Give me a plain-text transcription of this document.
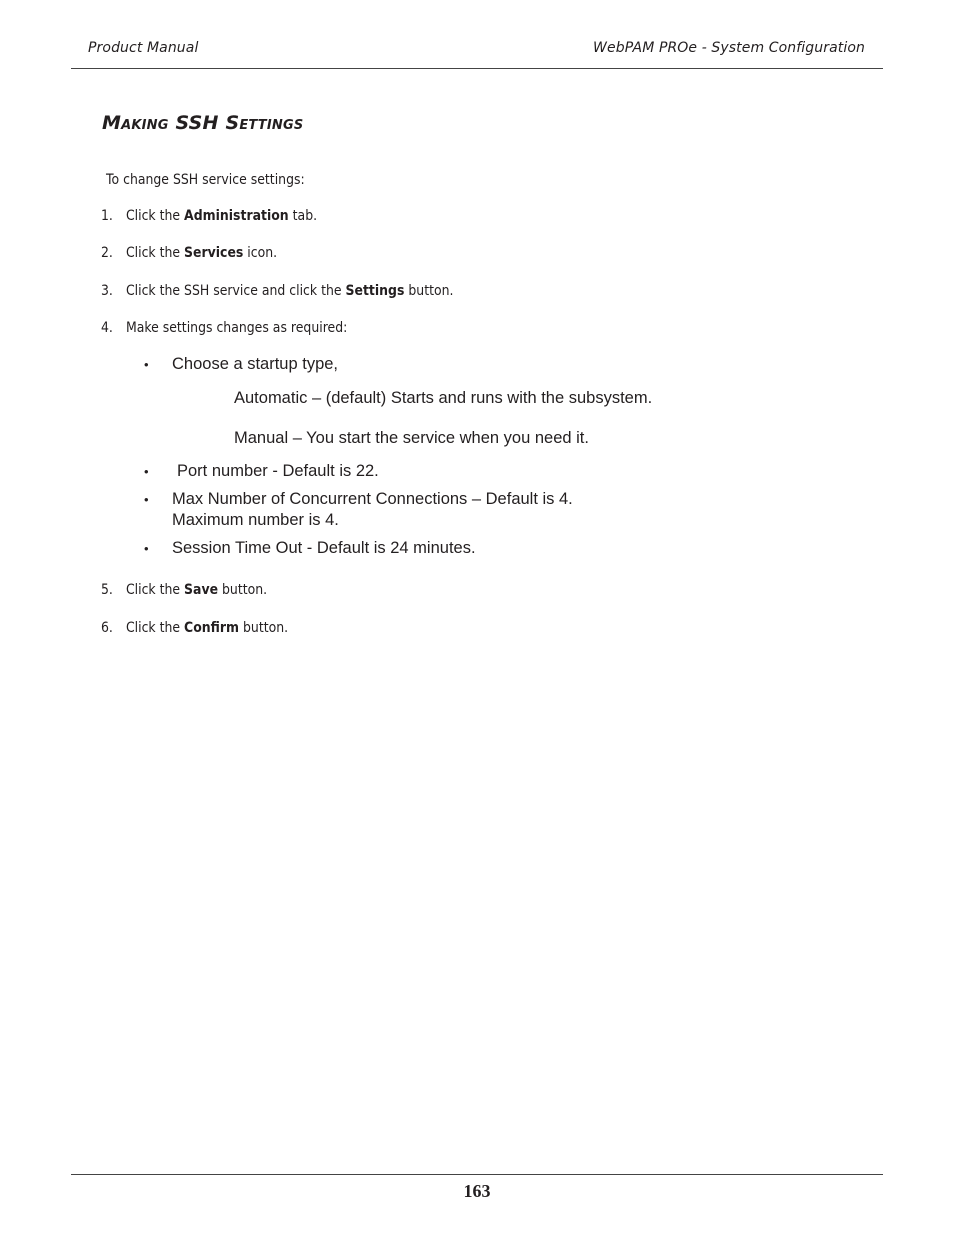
Product Manual	WebPAM PROe - System Configuration
Making SSH Settings
To change SSH service settings:
1. Click the Administration tab.
2. Click the Services icon.
3. Click the SSH service and click the Settings button.
4. Make settings changes as required:
• Choose a startup type,
Automatic – (default) Starts and runs with the subsystem.
Manual – You start the service when you need it.
• Port number - Default is 22.
• Max Number of Concurrent Connections – Default is 4.
Maximum number is 4.
• Session Time Out - Default is 24 minutes.
5. Click the Save button.
6. Click the Confirm button.
163
